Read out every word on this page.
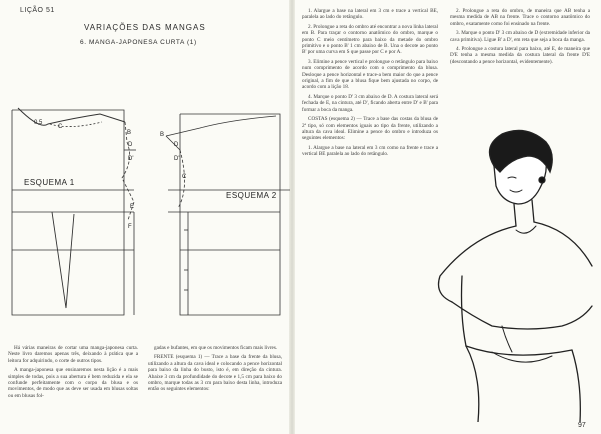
LIÇÃO 51
VARIAÇÕES DAS MANGAS
6. MANGA-JAPONESA CURTA (1)
0,5
C
B
D
D'
E
F
ESQUEMA 1
B
D
D'
C
ESQUEMA 2

Há várias maneiras de cortar uma manga-japonesa curta. Neste livro daremos apenas três, deixando à prática que a leitora for adquirindo, o corte de outros tipos.

A manga-japonesa que ensinaremos nesta lição é a mais simples de todas, pois a sua abertura é bem reduzida e ela se confunde perfeitamente com o corpo da blusa e os movimentos, de modo que as deve ser usada em blusas soltas ou em blusas fol-

gadas e bufantes, em que os movimentos ficam mais livres.

FRENTE (esquema 1) — Trace a base da frente da blusa, utilizando a altura da cava ideal e colocando a pence horizontal para baixo da linha do busto, isto é, em direção da cintura. Abaixe 3 cm da profundidade do decote e 1,5 cm para baixo do ombro, marque todas as 3 cm para baixo desta linha, introduza então os seguintes elementos:

1. Alargue a base na lateral em 3 cm e trace a vertical BE, paralela ao lado do retângulo.

2. Prolongue a reta do ombro até encontrar a nova linha lateral em B. Para traçar o contorno anatômico do ombro, marque o ponto C meio centímetro para baixo da metade do ombro primitivo e o ponto B' 1 cm abaixo de B. Una o decote ao ponto B' por uma curva em S que passe por C e por A.

3. Elimine a pence vertical e prolongue o retângulo para baixo num comprimento de acordo com o comprimento da blusa. Desloque a pence horizontal e trace-a bem maior do que a pence original, a fim de que a blusa fique bem ajustada no corpo, de acordo com a lição 18.

4. Marque o ponto D' 3 cm abaixo de D. A costura lateral será fechada de E, na cintura, até D', ficando aberta entre D' e B' para formar a boca da manga.

COSTAS (esquema 2) — Trace a base das costas da blusa de 2ª tipo, só com elementos iguais ao tipo da frente, utilizando a altura da cava ideal. Elimine a pence do ombro e introduza os seguintes elementos:

1. Alargue a base na lateral em 3 cm como na frente e trace a vertical BE paralela ao lado do retângulo.

2. Prolongue a reta do ombro, de maneira que AB tenha a mesma medida de AB na frente. Trace o contorno anatômico do ombro, exatamente como foi ensinado na frente.

3. Marque o ponto D' 3 cm abaixo de D (extremidade inferior da cava primitiva). Ligue B' a D', em reta que seja a boca da manga.

4. Prolongue a costura lateral para baixo, até E, de maneira que D'E tenha a mesma medida da costura lateral da frente D'E (descontando a pence horizontal, evidentemente).

97
